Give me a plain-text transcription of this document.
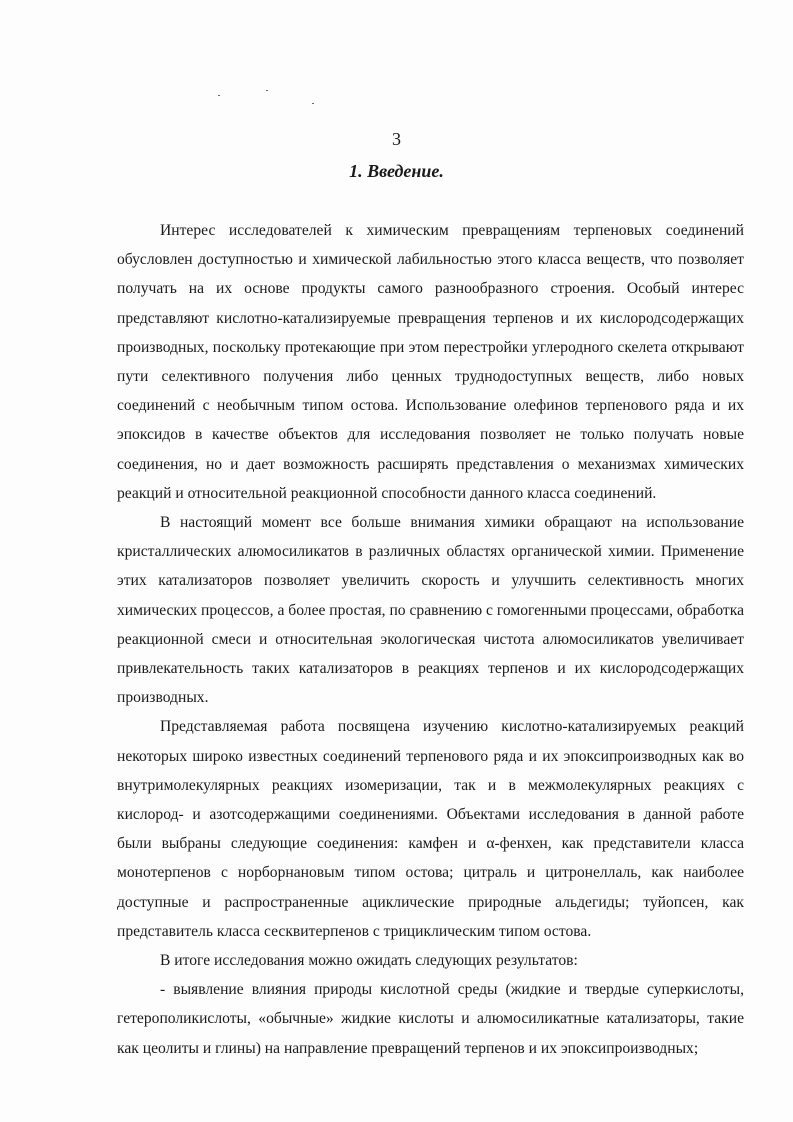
3
1. Введение.

Интерес исследователей к химическим превращениям терпеновых соединений обусловлен доступностью и химической лабильностью этого класса веществ, что позволяет получать на их основе продукты самого разнообразного строения. Особый интерес представляют кислотно-катализируемые превращения терпенов и их кислородсодержащих производных, поскольку протекающие при этом перестройки углеродного скелета открывают пути селективного получения либо ценных труднодоступных веществ, либо новых соединений с необычным типом остова. Использование олефинов терпенового ряда и их эпоксидов в качестве объектов для исследования позволяет не только получать новые соединения, но и дает возможность расширять представления о механизмах химических реакций и относительной реакционной способности данного класса соединений.

В настоящий момент все больше внимания химики обращают на использование кристаллических алюмосиликатов в различных областях органической химии. Применение этих катализаторов позволяет увеличить скорость и улучшить селективность многих химических процессов, а более простая, по сравнению с гомогенными процессами, обработка реакционной смеси и относительная экологическая чистота алюмосиликатов увеличивает привлекательность таких катализаторов в реакциях терпенов и их кислородсодержащих производных.

Представляемая работа посвящена изучению кислотно-катализируемых реакций некоторых широко известных соединений терпенового ряда и их эпоксипроизводных как во внутримолекулярных реакциях изомеризации, так и в межмолекулярных реакциях с кислород- и азотсодержащими соединениями. Объектами исследования в данной работе были выбраны следующие соединения: камфен и α-фенхен, как представители класса монотерпенов с норборнановым типом остова; цитраль и цитронеллаль, как наиболее доступные и распространенные ациклические природные альдегиды; туйопсен, как представитель класса сесквитерпенов с трициклическим типом остова.

В итоге исследования можно ожидать следующих результатов:

- выявление влияния природы кислотной среды (жидкие и твердые суперкислоты, гетерополикислоты, «обычные» жидкие кислоты и алюмосиликатные катализаторы, такие как цеолиты и глины) на направление превращений терпенов и их эпоксипроизводных;
